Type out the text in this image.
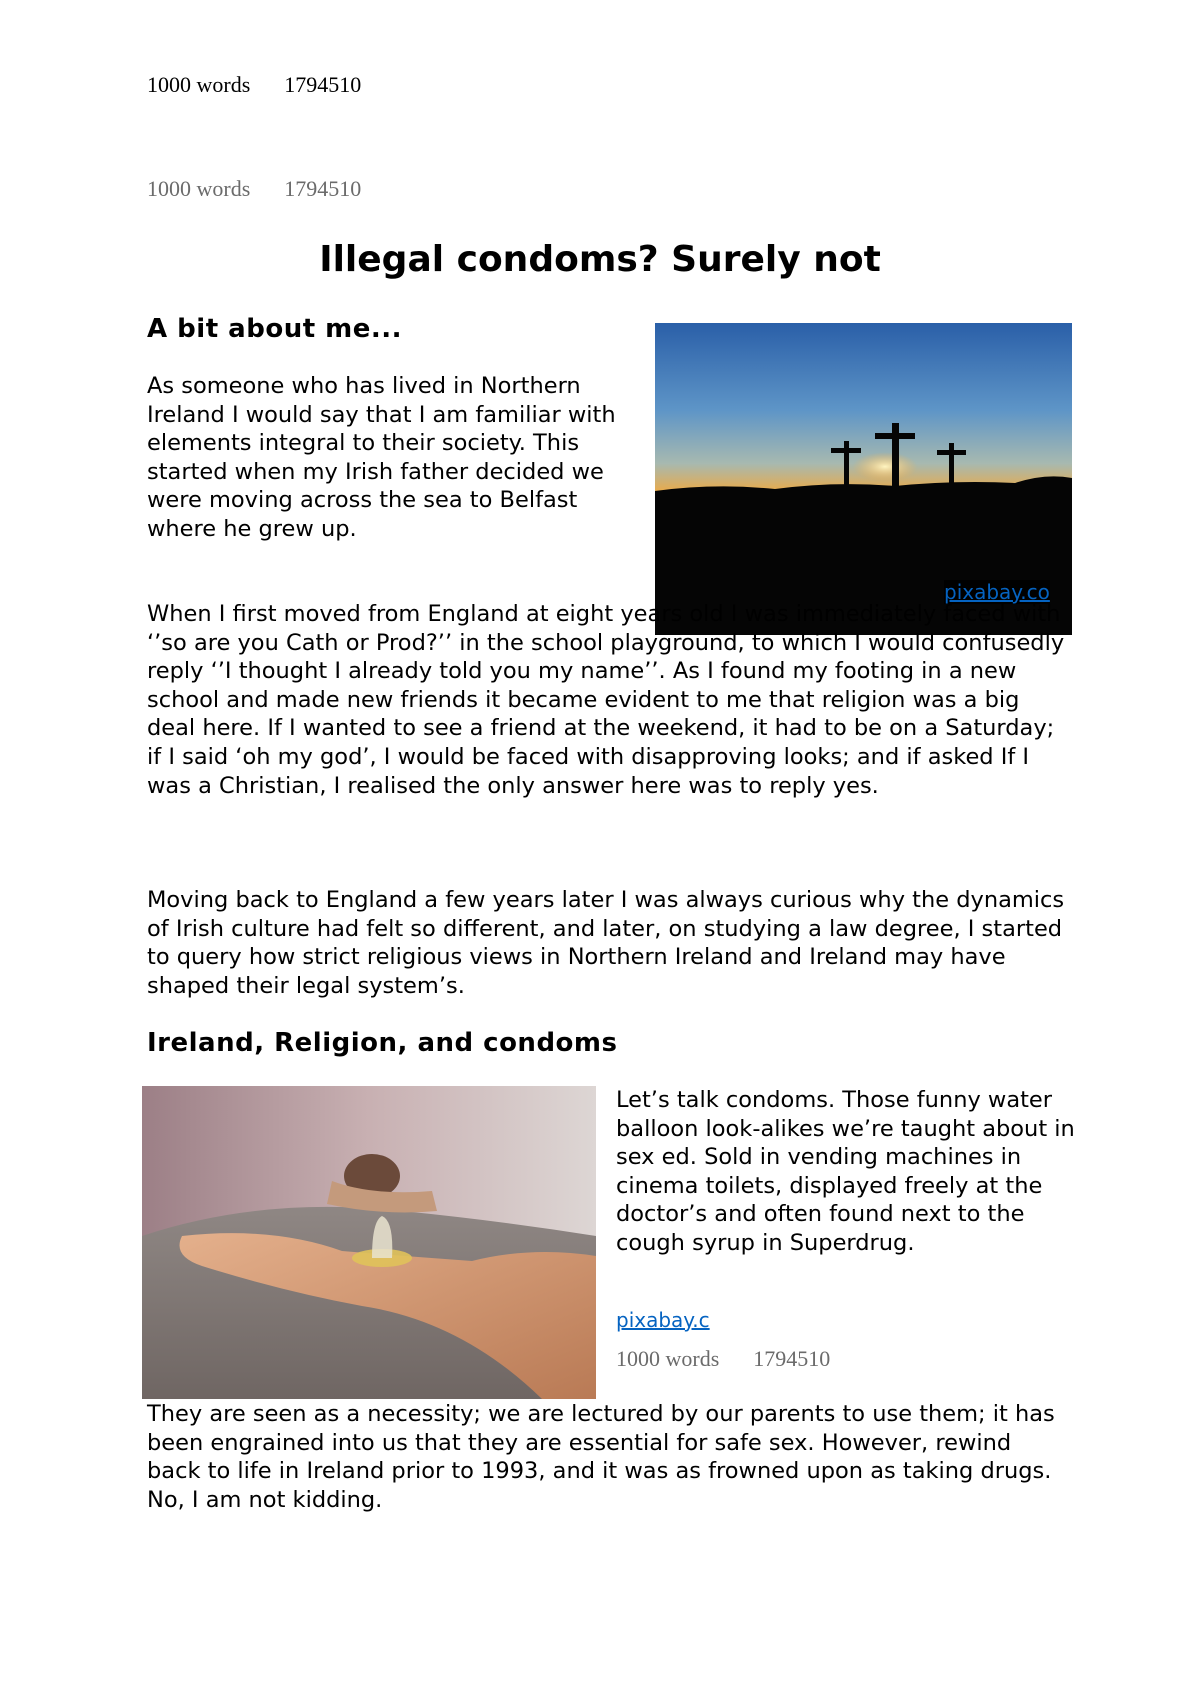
1000 words 1794510
1000 words 1794510
Illegal condoms? Surely not
A bit about me...

As someone who has lived in Northern Ireland I would say that I am familiar with elements integral to their society. This started when my Irish father decided we were moving across the sea to Belfast where he grew up.

pixabay.co

When I first moved from England at eight years old I was immediately faced with ‘’so are you Cath or Prod?’’ in the school playground, to which I would confusedly reply ‘’I thought I already told you my name’’. As I found my footing in a new school and made new friends it became evident to me that religion was a big deal here. If I wanted to see a friend at the weekend, it had to be on a Saturday; if I said ‘oh my god’, I would be faced with disapproving looks; and if asked If I was a Christian, I realised the only answer here was to reply yes.

Moving back to England a few years later I was always curious why the dynamics of Irish culture had felt so different, and later, on studying a law degree, I started to query how strict religious views in Northern Ireland and Ireland may have shaped their legal system’s.

Ireland, Religion, and condoms

Let’s talk condoms. Those funny water balloon look-alikes we’re taught about in sex ed. Sold in vending machines in cinema toilets, displayed freely at the doctor’s and often found next to the cough syrup in Superdrug.

pixabay.c
1000 words 1794510

They are seen as a necessity; we are lectured by our parents to use them; it has been engrained into us that they are essential for safe sex. However, rewind back to life in Ireland prior to 1993, and it was as frowned upon as taking drugs. No, I am not kidding.
